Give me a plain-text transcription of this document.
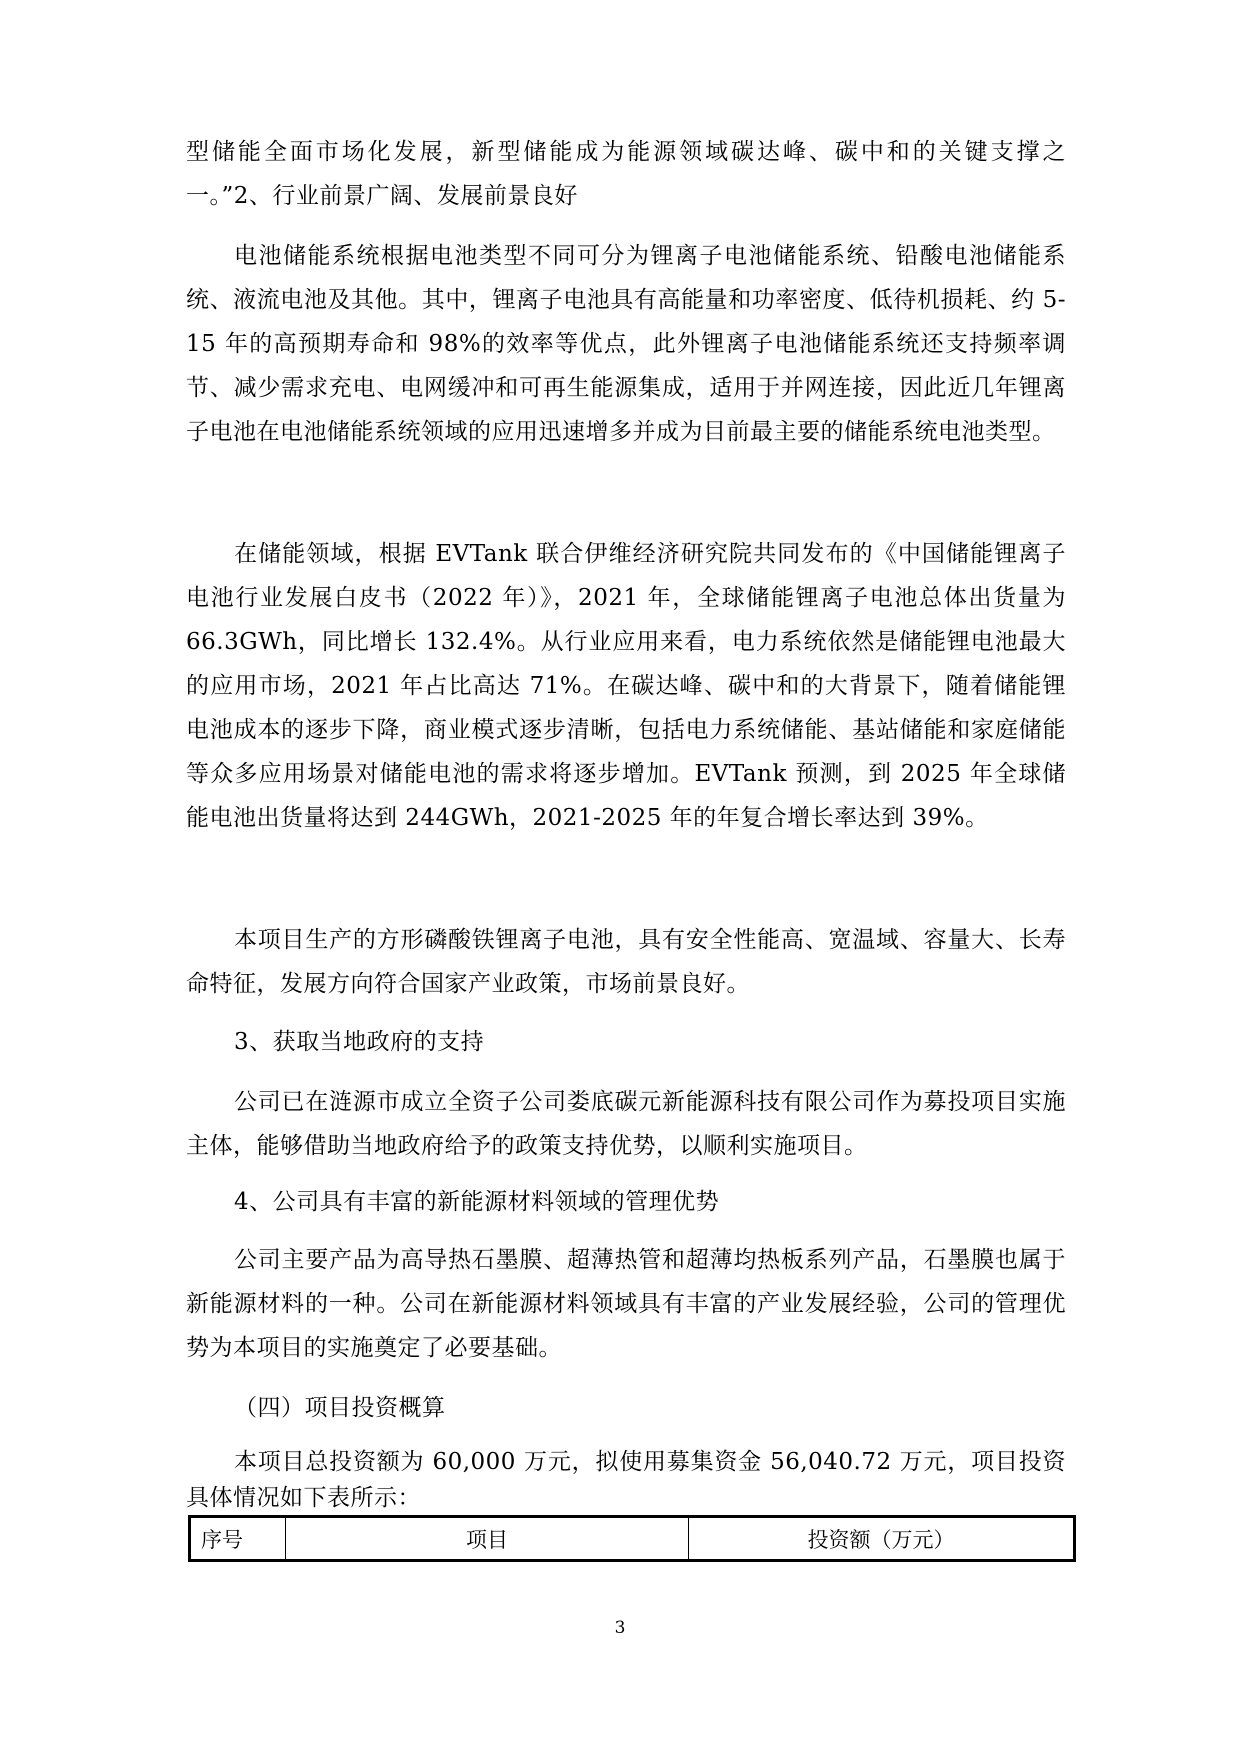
型储能全面市场化发展，新型储能成为能源领域碳达峰、碳中和的关键支撑之一。”2、行业前景广阔、发展前景良好

电池储能系统根据电池类型不同可分为锂离子电池储能系统、铅酸电池储能系统、液流电池及其他。其中，锂离子电池具有高能量和功率密度、低待机损耗、约 5-15 年的高预期寿命和 98%的效率等优点，此外锂离子电池储能系统还支持频率调节、减少需求充电、电网缓冲和可再生能源集成，适用于并网连接，因此近几年锂离子电池在电池储能系统领域的应用迅速增多并成为目前最主要的储能系统电池类型。

在储能领域，根据 EVTank 联合伊维经济研究院共同发布的《中国储能锂离子电池行业发展白皮书（2022 年）》，2021 年，全球储能锂离子电池总体出货量为 66.3GWh，同比增长 132.4%。从行业应用来看，电力系统依然是储能锂电池最大的应用市场，2021 年占比高达 71%。在碳达峰、碳中和的大背景下，随着储能锂电池成本的逐步下降，商业模式逐步清晰，包括电力系统储能、基站储能和家庭储能等众多应用场景对储能电池的需求将逐步增加。EVTank 预测，到 2025 年全球储能电池出货量将达到 244GWh，2021-2025 年的年复合增长率达到 39%。

本项目生产的方形磷酸铁锂离子电池，具有安全性能高、宽温域、容量大、长寿命特征，发展方向符合国家产业政策，市场前景良好。

3、获取当地政府的支持

公司已在涟源市成立全资子公司娄底碳元新能源科技有限公司作为募投项目实施主体，能够借助当地政府给予的政策支持优势，以顺利实施项目。

4、公司具有丰富的新能源材料领域的管理优势

公司主要产品为高导热石墨膜、超薄热管和超薄均热板系列产品，石墨膜也属于新能源材料的一种。公司在新能源材料领域具有丰富的产业发展经验，公司的管理优势为本项目的实施奠定了必要基础。

（四）项目投资概算

本项目总投资额为 60,000 万元，拟使用募集资金 56,040.72 万元，项目投资具体情况如下表所示：

序号	项目	投资额（万元）
3
